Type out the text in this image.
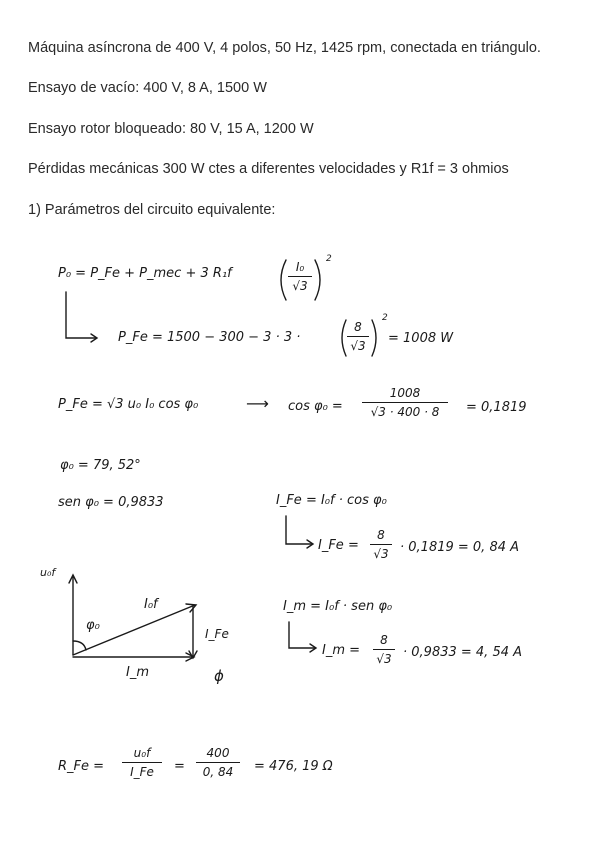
Máquina asíncrona de 400 V, 4 polos, 50 Hz, 1425 rpm, conectada en triángulo.
Ensayo de vacío: 400 V, 8 A, 1500 W
Ensayo rotor bloqueado: 80 V, 15 A, 1200 W
Pérdidas mecánicas 300 W ctes a diferentes velocidades y R1f = 3 ohmios
1) Parámetros del circuito equivalente:
P₀ = P_Fe + P_mec + 3 R₁f	I₀
√3
2
P_Fe = 1500 − 300 − 3 · 3 ·
8
√3
2
= 1008 W
P_Fe = √3 u₀ I₀ cos φ₀	⟶ cos φ₀ =
1008
√3 · 400 · 8	= 0,1819
φ₀ = 79, 52°
sen φ₀ = 0,9833	I_Fe = I₀f · cos φ₀
I_Fe =
8
√3 · 0,1819 = 0, 84 A
I_m = I₀f · sen φ₀
I_m =
8
√3 · 0,9833 = 4, 54 A
u₀f
I₀f
φ₀
I_Fe
I_m	ϕ
R_Fe =
u₀f
I_Fe	=
400
0, 84	= 476, 19 Ω
